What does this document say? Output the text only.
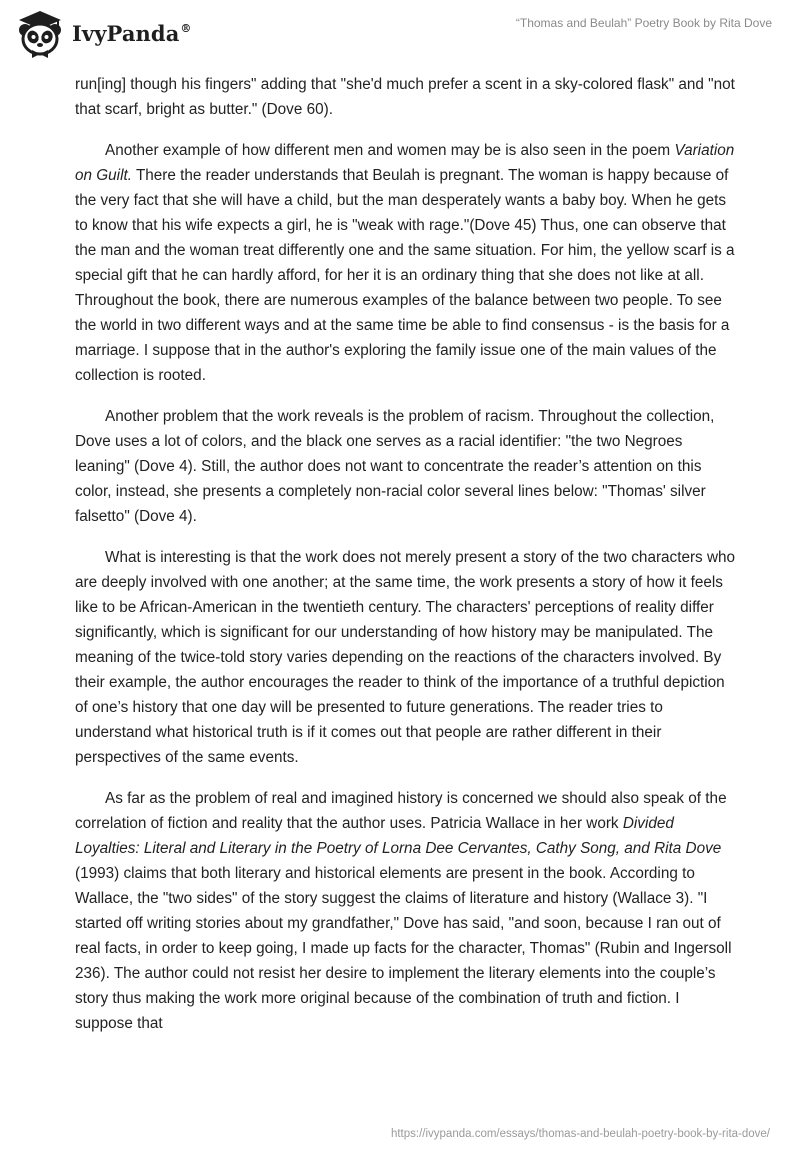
IvyPanda®	“Thomas and Beulah” Poetry Book by Rita Dove

run[ing] though his fingers" adding that "she'd much prefer a scent in a sky-colored flask" and "not that scarf, bright as butter." (Dove 60).

Another example of how different men and women may be is also seen in the poem Variation on Guilt. There the reader understands that Beulah is pregnant. The woman is happy because of the very fact that she will have a child, but the man desperately wants a baby boy. When he gets to know that his wife expects a girl, he is "weak with rage."(Dove 45) Thus, one can observe that the man and the woman treat differently one and the same situation. For him, the yellow scarf is a special gift that he can hardly afford, for her it is an ordinary thing that she does not like at all. Throughout the book, there are numerous examples of the balance between two people. To see the world in two different ways and at the same time be able to find consensus - is the basis for a marriage. I suppose that in the author's exploring the family issue one of the main values of the collection is rooted.

Another problem that the work reveals is the problem of racism. Throughout the collection, Dove uses a lot of colors, and the black one serves as a racial identifier: "the two Negroes leaning" (Dove 4). Still, the author does not want to concentrate the reader’s attention on this color, instead, she presents a completely non-racial color several lines below: "Thomas' silver falsetto" (Dove 4).

What is interesting is that the work does not merely present a story of the two characters who are deeply involved with one another; at the same time, the work presents a story of how it feels like to be African-American in the twentieth century. The characters' perceptions of reality differ significantly, which is significant for our understanding of how history may be manipulated. The meaning of the twice-told story varies depending on the reactions of the characters involved. By their example, the author encourages the reader to think of the importance of a truthful depiction of one’s history that one day will be presented to future generations. The reader tries to understand what historical truth is if it comes out that people are rather different in their perspectives of the same events.

As far as the problem of real and imagined history is concerned we should also speak of the correlation of fiction and reality that the author uses. Patricia Wallace in her work Divided Loyalties: Literal and Literary in the Poetry of Lorna Dee Cervantes, Cathy Song, and Rita Dove (1993) claims that both literary and historical elements are present in the book. According to Wallace, the "two sides" of the story suggest the claims of literature and history (Wallace 3). "I started off writing stories about my grandfather," Dove has said, "and soon, because I ran out of real facts, in order to keep going, I made up facts for the character, Thomas" (Rubin and Ingersoll 236). The author could not resist her desire to implement the literary elements into the couple’s story thus making the work more original because of the combination of truth and fiction. I suppose that

https://ivypanda.com/essays/thomas-and-beulah-poetry-book-by-rita-dove/
